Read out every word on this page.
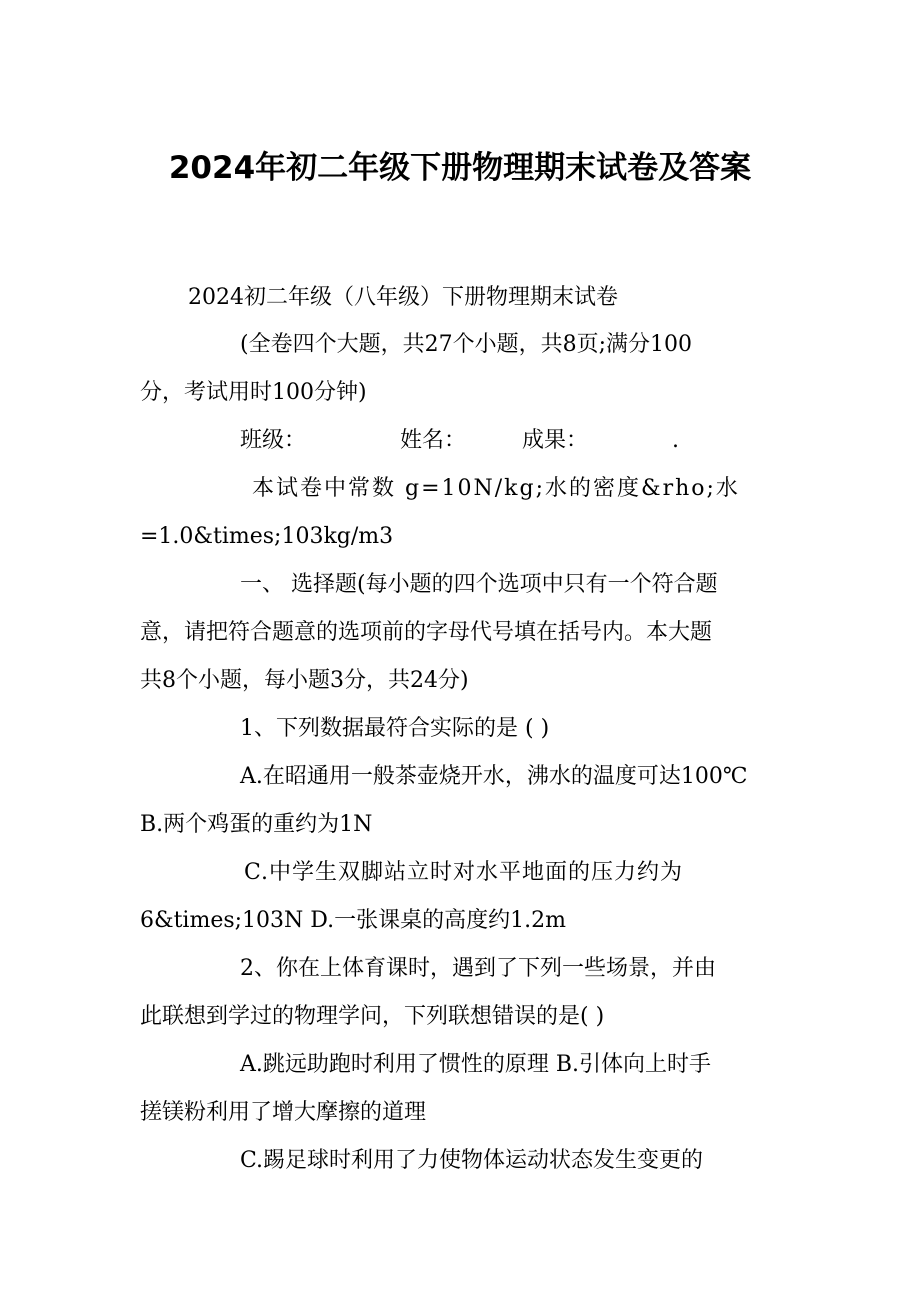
2024年初二年级下册物理期末试卷及答案
2024初二年级（八年级）下册物理期末试卷
(全卷四个大题，共27个小题，共8页;满分100
分，考试用时100分钟)
班级：	姓名：	成果：	.
本试卷中常数 g=10N/kg;水的密度&rho;水
=1.0&times;103kg/m3
一、 选择题(每小题的四个选项中只有一个符合题
意，请把符合题意的选项前的字母代号填在括号内。本大题
共8个小题，每小题3分，共24分)
1、下列数据最符合实际的是 ( )
A.在昭通用一般茶壶烧开水，沸水的温度可达100℃
B.两个鸡蛋的重约为1N
C.中学生双脚站立时对水平地面的压力约为
6&times;103N D.一张课桌的高度约1.2m
2、你在上体育课时，遇到了下列一些场景，并由
此联想到学过的物理学问，下列联想错误的是( )
A.跳远助跑时利用了惯性的原理 B.引体向上时手
搓镁粉利用了增大摩擦的道理
C.踢足球时利用了力使物体运动状态发生变更的
